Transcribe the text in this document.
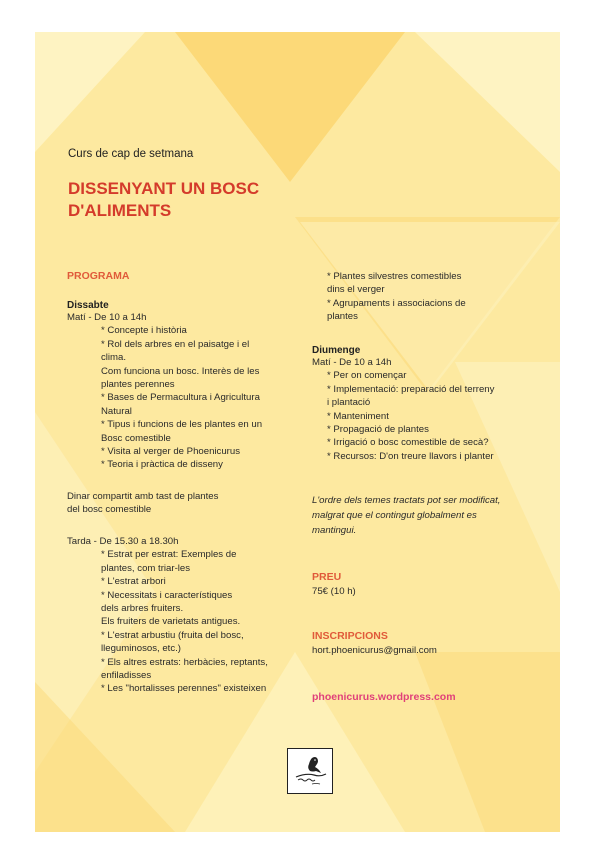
Curs de cap de setmana
DISSENYANT UN BOSC
D'ALIMENTS
PROGRAMA
Dissabte
Matí - De 10 a 14h
* Concepte i història
* Rol dels arbres en el paisatge i el
clima.
Com funciona un bosc. Interès de les
plantes perennes
* Bases de Permacultura i Agricultura
Natural
* Tipus i funcions de les plantes en un
Bosc comestible
* Visita al verger de Phoenicurus
* Teoria i pràctica de disseny
Dinar compartit amb tast de plantes
del bosc comestible
Tarda - De 15.30 a 18.30h
* Estrat per estrat: Exemples de
plantes, com triar-les
* L'estrat arbori
* Necessitats i característiques
dels arbres fruiters.
Els fruiters de varietats antigues.
* L'estrat arbustiu (fruita del bosc,
lleguminosos, etc.)
* Els altres estrats: herbàcies, reptants,
enfiladisses
* Les "hortalisses perennes" existeixen
* Plantes silvestres comestibles
dins el verger
* Agrupaments i associacions de
plantes
Diumenge
Matí - De 10 a 14h
* Per on començar
* Implementació: preparació del terreny
i plantació
* Manteniment
* Propagació de plantes
* Irrigació o bosc comestible de secà?
* Recursos: D'on treure llavors i planter
L'ordre dels temes tractats pot ser modificat,
malgrat que el contingut globalment es
mantingui.
PREU
75€ (10 h)
INSCRIPCIONS
hort.phoenicurus@gmail.com
phoenicurus.wordpress.com
